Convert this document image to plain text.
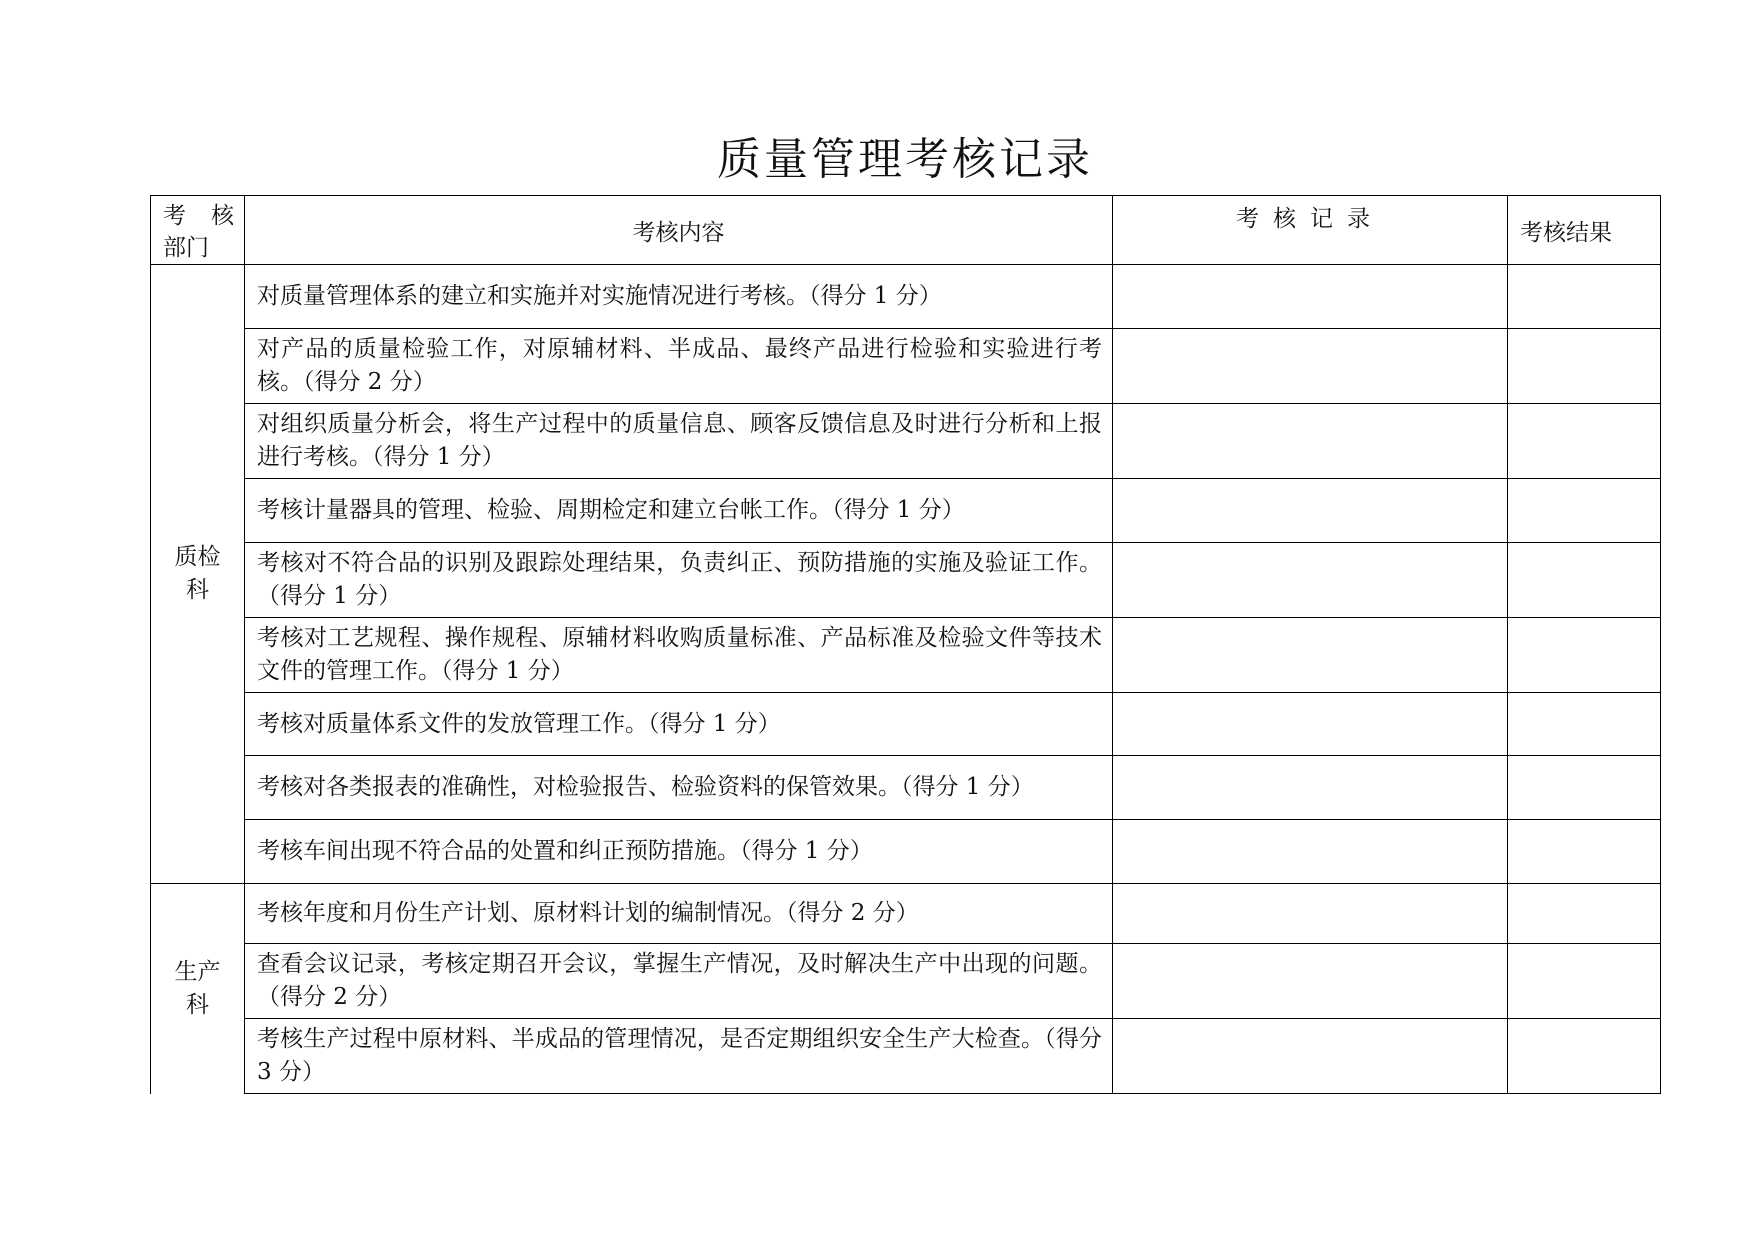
质量管理考核记录
考 核
部门	考核内容	考核记录	考核结果
质检科	对质量管理体系的建立和实施并对实施情况进行考核。（得分 1 分）		
	对产品的质量检验工作，对原辅材料、半成品、最终产品进行检验和实验进行考核。（得分 2 分）		
	对组织质量分析会，将生产过程中的质量信息、顾客反馈信息及时进行分析和上报进行考核。（得分 1 分）		
	考核计量器具的管理、检验、周期检定和建立台帐工作。（得分 1 分）		
	考核对不符合品的识别及跟踪处理结果，负责纠正、预防措施的实施及验证工作。（得分 1 分）		
	考核对工艺规程、操作规程、原辅材料收购质量标准、产品标准及检验文件等技术文件的管理工作。（得分 1 分）		
	考核对质量体系文件的发放管理工作。（得分 1 分）		
	考核对各类报表的准确性，对检验报告、检验资料的保管效果。（得分 1 分）		
	考核车间出现不符合品的处置和纠正预防措施。（得分 1 分）		
生产科	考核年度和月份生产计划、原材料计划的编制情况。（得分 2 分）		
	查看会议记录，考核定期召开会议，掌握生产情况，及时解决生产中出现的问题。（得分 2 分）		
	考核生产过程中原材料、半成品的管理情况，是否定期组织安全生产大检查。（得分 3 分）		
